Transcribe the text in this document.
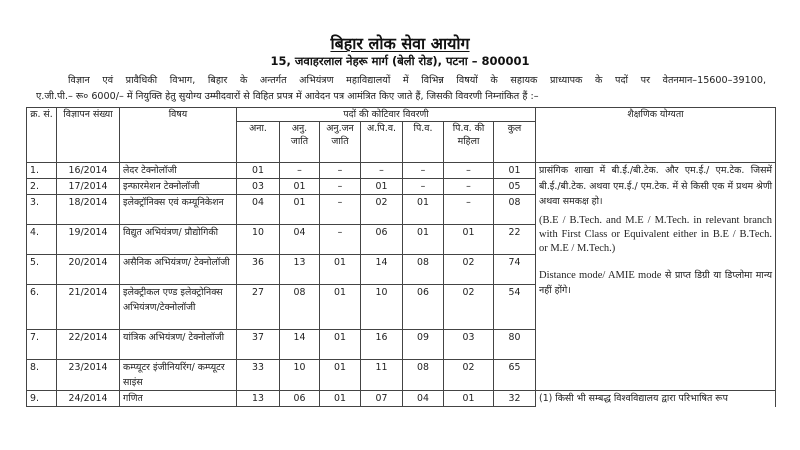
बिहार लोक सेवा आयोग
15, जवाहरलाल नेहरू मार्ग (बेली रोड), पटना – 800001
विज्ञान एवं प्रावैधिकी विभाग, बिहार के अन्तर्गत अभियंत्रण महाविद्यालयों में विभिन्न विषयों के सहायक प्राध्यापक के पदों पर वेतनमान–15600–39100,
ए.जी.पी.– रू० 6000/– में नियुक्ति हेतु सुयोग्य उम्मीदवारों से विहित प्रपत्र में आवेदन पत्र आमंत्रित किए जाते हैं, जिसकी विवरणी निम्नांकित हैं :–
क्र. सं.	विज्ञापन संख्या	विषय	पदों की कोटिवार विवरणी							शैक्षणिक योग्यता
			अना.	अनु. जाति	अनु.जन जाति	अ.पि.व.	पि.व.	पि.व. की महिला	कुल	
1.	16/2014	लेदर टेक्नोलॉजी	01	–	–	–	–	–	01	प्रासंगिक शाखा में बी.ई./बी.टेक. और एम.ई./ एम.टेक. जिसमें बी.ई./बी.टेक. अथवा एम.ई./ एम.टेक. में से किसी एक में प्रथम श्रेणी अथवा समकक्ष हो।
(B.E / B.Tech. and M.E / M.Tech. in relevant branch with First Class or Equivalent either in B.E / B.Tech. or M.E / M.Tech.)
Distance mode/ AMIE mode से प्राप्त डिग्री या डिप्लोमा मान्य नहीं होंगे।

2.	17/2014	इन्फारमेशन टेक्नोलॉजी	03	01	–	01	–	–	05	
3.	18/2014	इलेक्ट्रॉनिक्स एवं कम्यूनिकेशन	04	01	–	02	01	–	08	
4.	19/2014	विद्युत अभियंत्रण/ प्रौद्योगिकी	10	04	–	06	01	01	22	
5.	20/2014	असैनिक अभियंत्रण/ टेक्नोलॉजी	36	13	01	14	08	02	74	
6.	21/2014	इलेक्ट्रीकल एण्ड इलेक्ट्रोनिक्स अभियंत्रण/टेक्नोलॉजी	27	08	01	10	06	02	54	
7.	22/2014	यांत्रिक अभियंत्रण/ टेक्नोलॉजी	37	14	01	16	09	03	80	
8.	23/2014	कम्प्यूटर इंजीनियरिंग/ कम्प्यूटर साइंस	33	10	01	11	08	02	65	
9.	24/2014	गणित	13	06	01	07	04	01	32	(1) किसी भी सम्बद्ध विश्वविद्यालय द्वारा परिभाषित रूप
